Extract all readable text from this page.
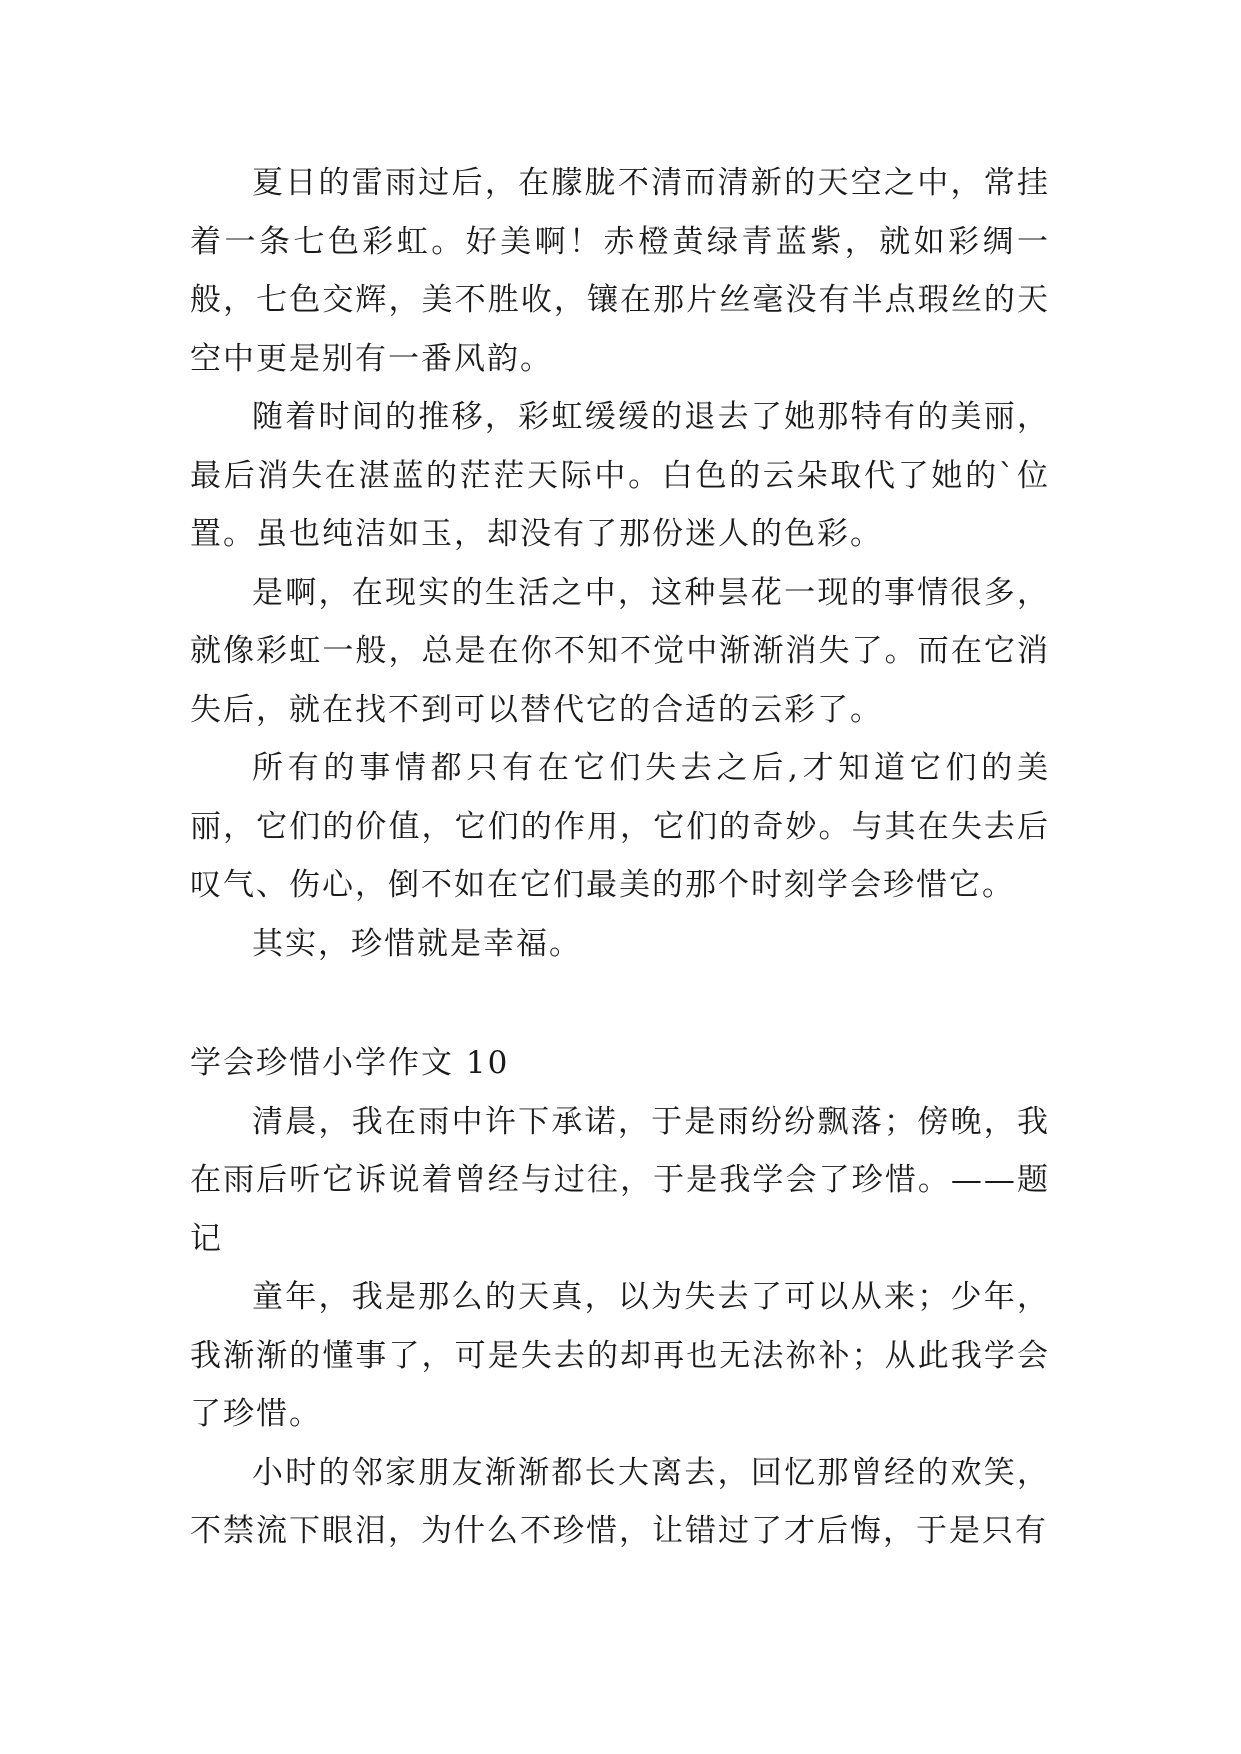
夏日的雷雨过后，在朦胧不清而清新的天空之中，常挂着一条七色彩虹。好美啊！赤橙黄绿青蓝紫，就如彩绸一般，七色交辉，美不胜收，镶在那片丝毫没有半点瑕丝的天空中更是别有一番风韵。

随着时间的推移，彩虹缓缓的退去了她那特有的美丽，最后消失在湛蓝的茫茫天际中。白色的云朵取代了她的`位置。虽也纯洁如玉，却没有了那份迷人的色彩。

是啊，在现实的生活之中，这种昙花一现的事情很多，就像彩虹一般，总是在你不知不觉中渐渐消失了。而在它消失后，就在找不到可以替代它的合适的云彩了。

所有的事情都只有在它们失去之后,才知道它们的美丽，它们的价值，它们的作用，它们的奇妙。与其在失去后叹气、伤心，倒不如在它们最美的那个时刻学会珍惜它。

其实，珍惜就是幸福。

学会珍惜小学作文 10

清晨，我在雨中许下承诺，于是雨纷纷飘落；傍晚，我在雨后听它诉说着曾经与过往，于是我学会了珍惜。——题记

童年，我是那么的天真，以为失去了可以从来；少年，我渐渐的懂事了，可是失去的却再也无法祢补；从此我学会了珍惜。

小时的邻家朋友渐渐都长大离去，回忆那曾经的欢笑，不禁流下眼泪，为什么不珍惜，让错过了才后悔，于是只有
